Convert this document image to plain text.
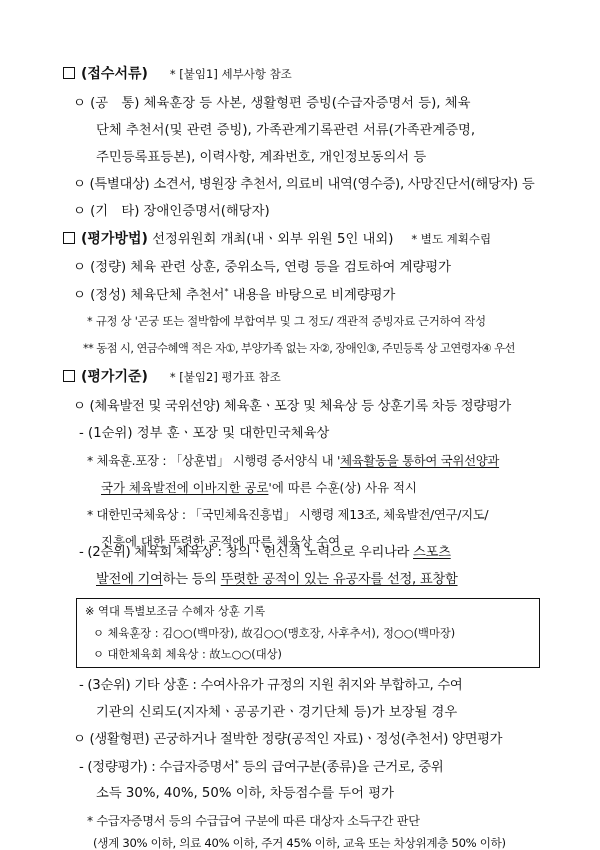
(접수서류) * [붙임1] 세부사항 참조
ㅇ (공　통) 체육훈장 등 사본, 생활형편 증빙(수급자증명서 등), 체육
단체 추천서(및 관련 증빙), 가족관계기록관련 서류(가족관계증명,
주민등록표등본), 이력사항, 계좌번호, 개인정보동의서 등
ㅇ (특별대상) 소견서, 병원장 추천서, 의료비 내역(영수증), 사망진단서(해당자) 등
ㅇ (기　타) 장애인증명서(해당자)
(평가방법) 선정위원회 개최(내ㆍ외부 위원 5인 내외) * 별도 계획수립
ㅇ (정량) 체육 관련 상훈, 중위소득, 연령 등을 검토하여 계량평가
ㅇ (정성) 체육단체 추천서* 내용을 바탕으로 비계량평가
* 규정 상 '곤궁 또는 절박함에 부합여부 및 그 정도/ 객관적 증빙자료 근거하여 작성
** 동점 시, 연금수혜액 적은 자①, 부양가족 없는 자②, 장애인③, 주민등록 상 고연령자④ 우선
(평가기준) * [붙임2] 평가표 참조
ㅇ (체육발전 및 국위선양) 체육훈ㆍ포장 및 체육상 등 상훈기록 차등 정량평가
- (1순위) 정부 훈ㆍ포장 및 대한민국체육상
* 체육훈․포장 : 「상훈법」 시행령 증서양식 내 '체육활동을 통하여 국위선양과
국가 체육발전에 이바지한 공로'에 따른 수훈(상) 사유 적시
* 대한민국체육상 : 「국민체육진흥법」 시행령 제13조, 체육발전/연구/지도/
진흥에 대한 뚜렷한 공적에 따른 체육상 수여
- (2순위) 체육회 체육상 : 창의ㆍ헌신적 노력으로 우리나라 스포츠
발전에 기여하는 등의 뚜렷한 공적이 있는 유공자를 선정, 표창함
※ 역대 특별보조금 수혜자 상훈 기록
ㅇ 체육훈장 : 김○○(백마장), 故김○○(맹호장, 사후추서), 정○○(백마장)
ㅇ 대한체육회 체육상 : 故노○○(대상)
- (3순위) 기타 상훈 : 수여사유가 규정의 지원 취지와 부합하고, 수여
기관의 신뢰도(지자체ㆍ공공기관ㆍ경기단체 등)가 보장될 경우
ㅇ (생활형편) 곤궁하거나 절박한 정량(공적인 자료)ㆍ정성(추천서) 양면평가
- (정량평가) : 수급자증명서* 등의 급여구분(종류)을 근거로, 중위
소득 30%, 40%, 50% 이하, 차등점수를 두어 평가
* 수급자증명서 등의 수급급여 구분에 따른 대상자 소득구간 판단
(생계 30% 이하, 의료 40% 이하, 주거 45% 이하, 교육 또는 차상위계층 50% 이하)
